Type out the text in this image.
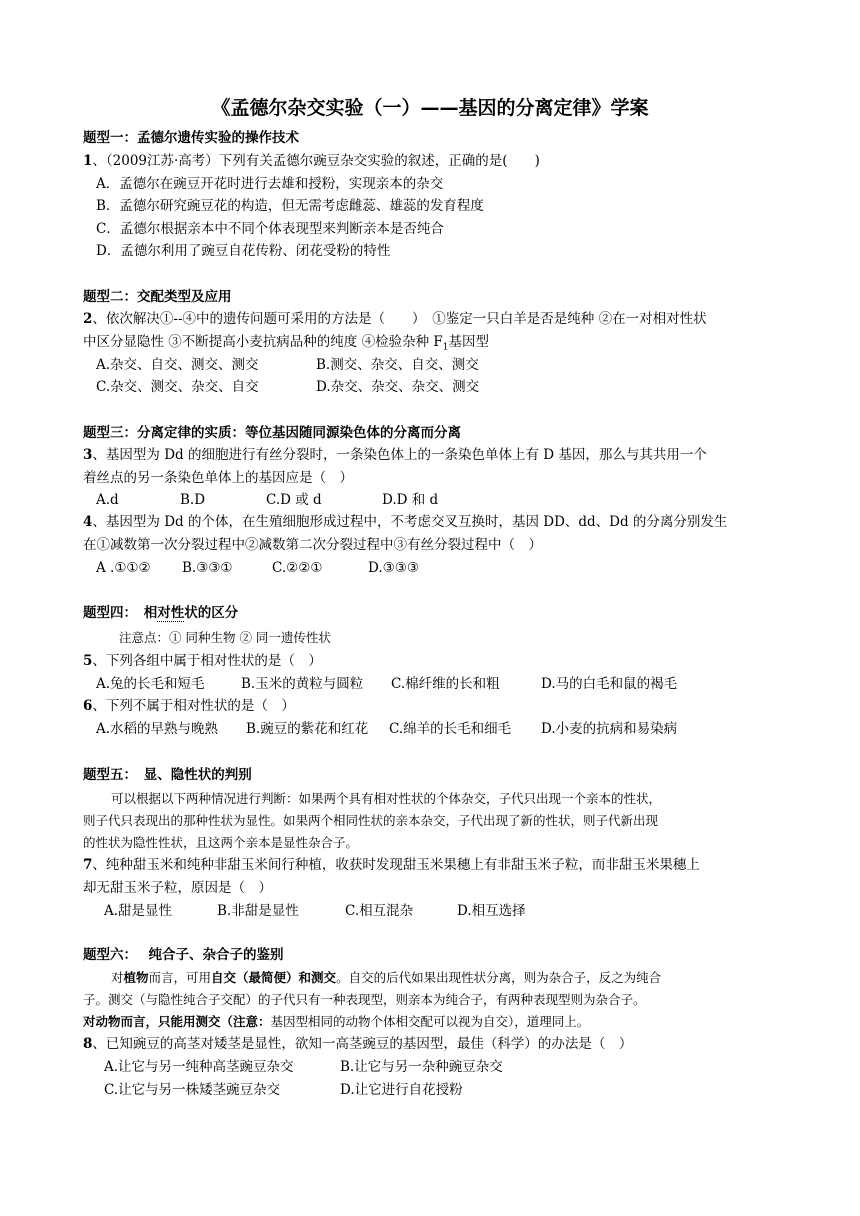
《孟德尔杂交实验（一）——基因的分离定律》学案
题型一：孟德尔遗传实验的操作技术
1、（2009江苏·高考）下列有关孟德尔豌豆杂交实验的叙述，正确的是(　　)
A．孟德尔在豌豆开花时进行去雄和授粉，实现亲本的杂交
B．孟德尔研究豌豆花的构造，但无需考虑雌蕊、雄蕊的发育程度
C．孟德尔根据亲本中不同个体表现型来判断亲本是否纯合
D．孟德尔利用了豌豆自花传粉、闭花受粉的特性
题型二：交配类型及应用
2、依次解决①--④中的遗传问题可采用的方法是（　　）　①鉴定一只白羊是否是纯种 ②在一对相对性状
中区分显隐性 ③不断提高小麦抗病品种的纯度 ④检验杂种 $F_1$基因型
A.杂交、自交、测交、测交	B.测交、杂交、自交、测交
C.杂交、测交、杂交、自交	D.杂交、杂交、杂交、测交
题型三：分离定律的实质：等位基因随同源染色体的分离而分离
3、基因型为 Dd 的细胞进行有丝分裂时，一条染色体上的一条染色单体上有 D 基因，那么与其共用一个
着丝点的另一条染色单体上的基因应是（　）
A.d	B.D	C.D 或 d	D.D 和 d
4、基因型为 Dd 的个体，在生殖细胞形成过程中，不考虑交叉互换时，基因 DD、dd、Dd 的分离分别发生
在①减数第一次分裂过程中②减数第二次分裂过程中③有丝分裂过程中（　）
A .①①② B.③③①	C.②②①	D.③③③
题型四：　相对性状的区分
注意点：① 同种生物 ② 同一遗传性状
5、下列各组中属于相对性状的是（　）
A.兔的长毛和短毛	B.玉米的黄粒与圆粒 C.棉纤维的长和粗	D.马的白毛和鼠的褐毛
6、下列不属于相对性状的是（　）
A.水稻的早熟与晚熟 B.豌豆的紫花和红花 C.绵羊的长毛和细毛 D.小麦的抗病和易染病
题型五：　显、隐性状的判别
可以根据以下两种情况进行判断：如果两个具有相对性状的个体杂交，子代只出现一个亲本的性状，
则子代只表现出的那种性状为显性。如果两个相同性状的亲本杂交，子代出现了新的性状，则子代新出现
的性状为隐性性状，且这两个亲本是显性杂合子。
7、纯种甜玉米和纯种非甜玉米间行种植，收获时发现甜玉米果穗上有非甜玉米子粒，而非甜玉米果穗上
却无甜玉米子粒，原因是（　）
A.甜是显性	B.非甜是显性	C.相互混杂	D.相互选择
题型六：　 纯合子、杂合子的鉴别
对植物而言，可用自交（最简便）和测交。自交的后代如果出现性状分离，则为杂合子，反之为纯合
子。测交（与隐性纯合子交配）的子代只有一种表现型，则亲本为纯合子，有两种表现型则为杂合子。
对动物而言，只能用测交（注意：基因型相同的动物个体相交配可以视为自交），道理同上。
8、已知豌豆的高茎对矮茎是显性，欲知一高茎豌豆的基因型，最佳（科学）的办法是（　）
A.让它与另一纯种高茎豌豆杂交	B.让它与另一杂种豌豆杂交
C.让它与另一株矮茎豌豆杂交	D.让它进行自花授粉
